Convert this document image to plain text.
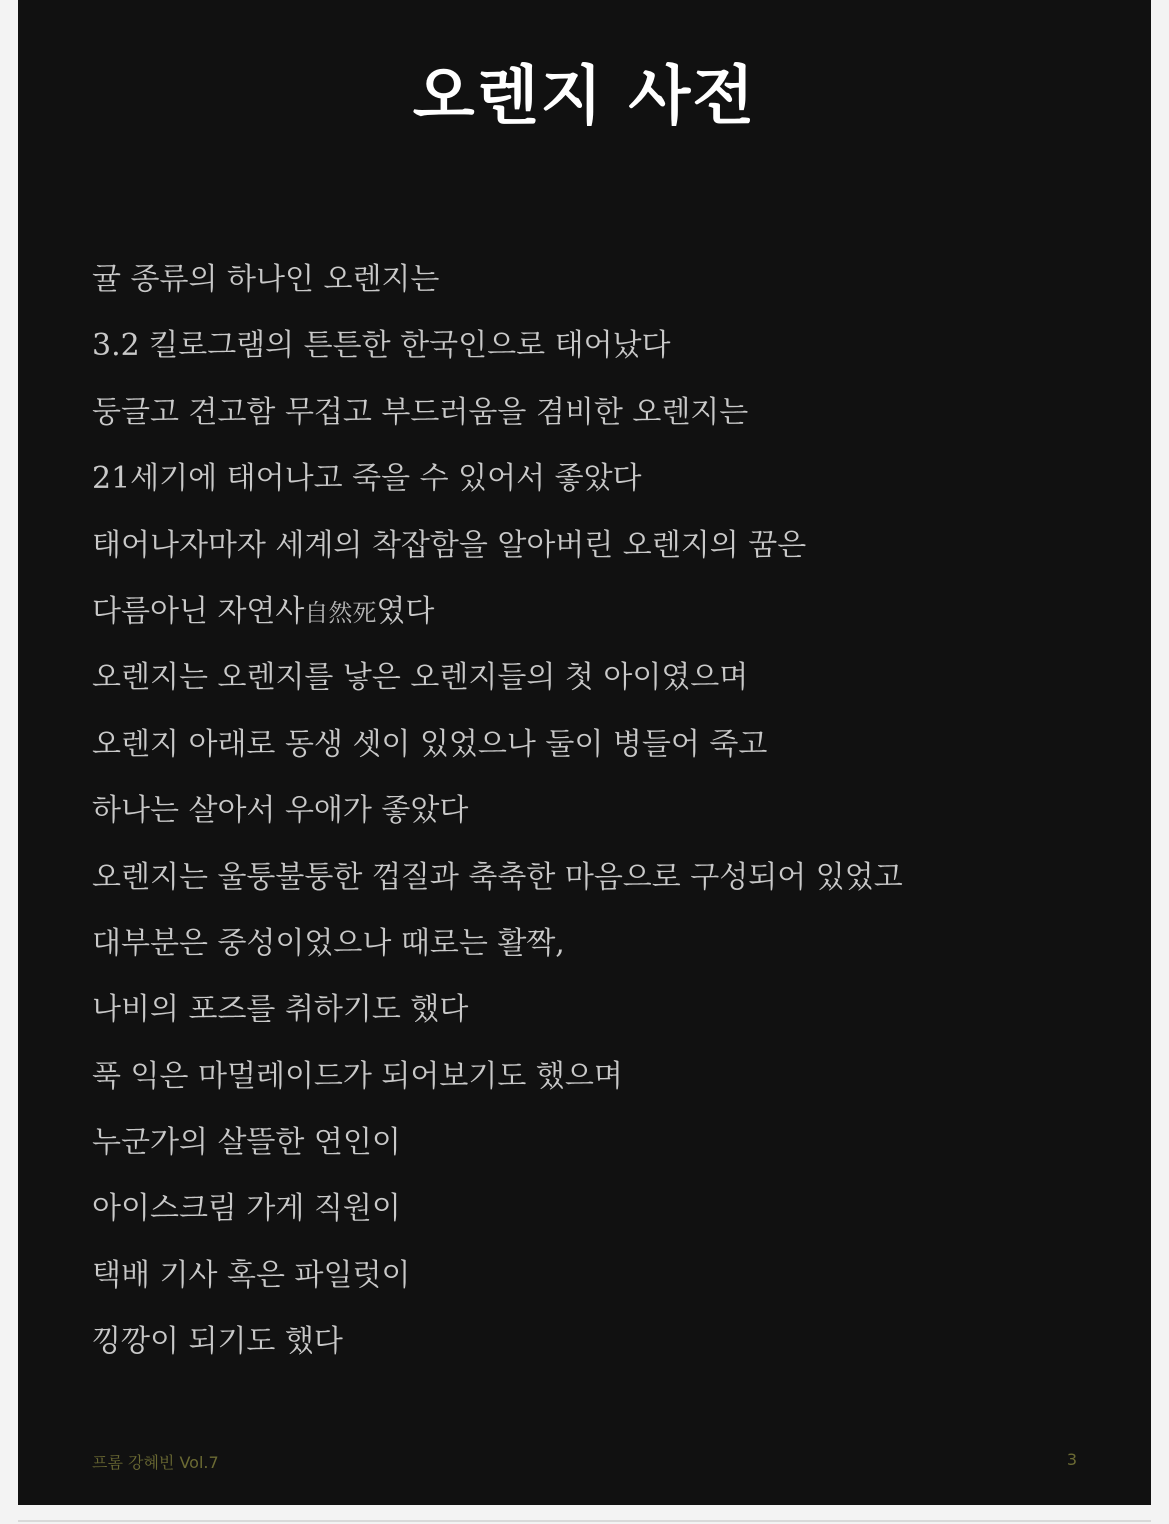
오렌지 사전
귤 종류의 하나인 오렌지는
3.2 킬로그램의 튼튼한 한국인으로 태어났다
둥글고 견고함 무겁고 부드러움을 겸비한 오렌지는
21세기에 태어나고 죽을 수 있어서 좋았다
태어나자마자 세계의 착잡함을 알아버린 오렌지의 꿈은
다름아닌 자연사自然死였다
오렌지는 오렌지를 낳은 오렌지들의 첫 아이였으며
오렌지 아래로 동생 셋이 있었으나 둘이 병들어 죽고
하나는 살아서 우애가 좋았다
오렌지는 울퉁불퉁한 껍질과 축축한 마음으로 구성되어 있었고
대부분은 중성이었으나 때로는 활짝,
나비의 포즈를 취하기도 했다
푹 익은 마멀레이드가 되어보기도 했으며
누군가의 살뜰한 연인이
아이스크림 가게 직원이
택배 기사 혹은 파일럿이
낑깡이 되기도 했다
프롬 강혜빈 Vol.7	3
